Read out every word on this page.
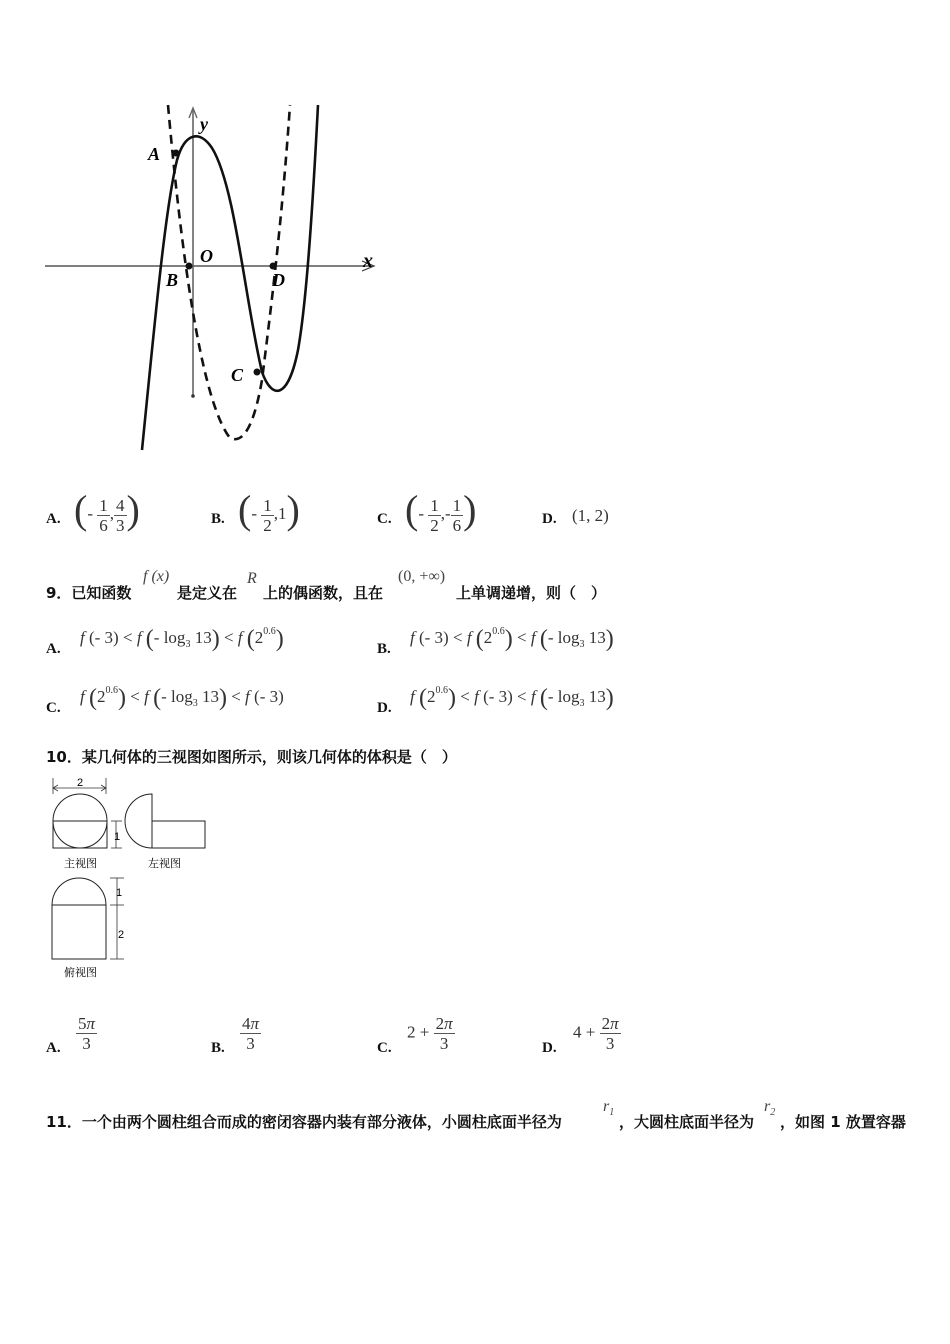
A
y
O
B	D
C
x
A. (- $\frac{1}{6}$ , $\frac{4}{3}$ )	B. (- $\frac{1}{2} ,1$)	C. (- $\frac{1}{2}$ ,- $\frac{1}{6}$ )	D. (1, 2)
9．已知函数
f (x)
是定义在
R
上的偶函数，且在
(0, +∞)
上单调递增，则（　）
A.
f (- 3) < f (- $\log_3 13) < f$ $(2^{0.6})$	B.
f (- 3) < f $(2^{0.6}) < f$ (- $\log_3 13$)
C.
f $(2^{0.6}) < f$ (- $\log_3 13) < f$ (- 3)
D.
f $(2^{0.6}) < f$ (- 3) < f (- $\log_3 13$)
10．某几何体的三视图如图所示，则该几何体的体积是（　）
2
1
主视图	左视图
1
2
俯视图
A. $\frac{5\pi}{3}$	B. $\frac{4\pi}{3}$	C.
$2 + \frac{2\pi}{3}$	D.
$4 + \frac{2\pi}{3}$
11．一个由两个圆柱组合而成的密闭容器内装有部分液体，小圆柱底面半径为
$r_1$
，大圆柱底面半径为
$r_2$
，如图 1 放置容器
